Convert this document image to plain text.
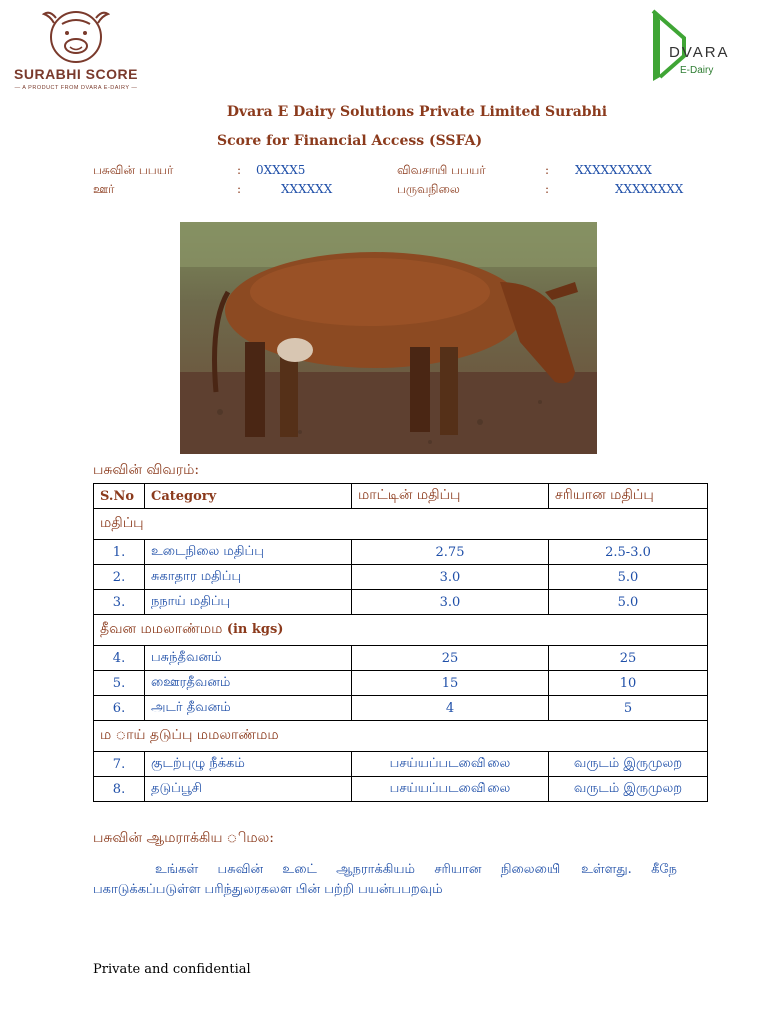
SURABHI SCORE
— A PRODUCT FROM DVARA E-DAIRY —
DVARA
E-Dairy
Dvara E Dairy Solutions Private Limited Surabhi
Score for Financial Access (SSFA)
பசுவின் பபயர்	: 0XXXX5	விவசாயி பபயர்	: XXXXXXXXX
ஊர்	:	XXXXXX	பருவநிலை	:	XXXXXXXX
பசுவின் விவரம்:
S.No	Category	மாட்டின் மதிப்பு	சரியான மதிப்பு
மதிப்பு			
1.	உடைநிலை மதிப்பு	2.75	2.5-3.0
2.	சுகாதார மதிப்பு	3.0	5.0
3.	நநாய் மதிப்பு	3.0	5.0
தீவன மமலாண்மம (in kgs)			
4.	பசுந்தீவனம்	25	25
5.	ஊைரதீவனம்	15	10
6.	அடர் தீவனம்	4	5
ம ாய் தடுப்பு மமலாண்மம			
7.	குடற்புழு நீக்கம்	பசய்யப்படவிை்லை	வருடம் இருமுலற
8.	தடுப்பூசி	பசய்யப்படவிை்லை	வருடம் இருமுலற
பசுவின் ஆமராக்கிய ிமல:
உங்கள் பசுவின் உடை் ஆநராக்கியம் சரியான நிலையிை் உள்ளது. கீநே பகாடுக்கப்படுள்ள பரிந்துலரகலள பின் பற்றி பயன்பபறவும்
Private and confidential
